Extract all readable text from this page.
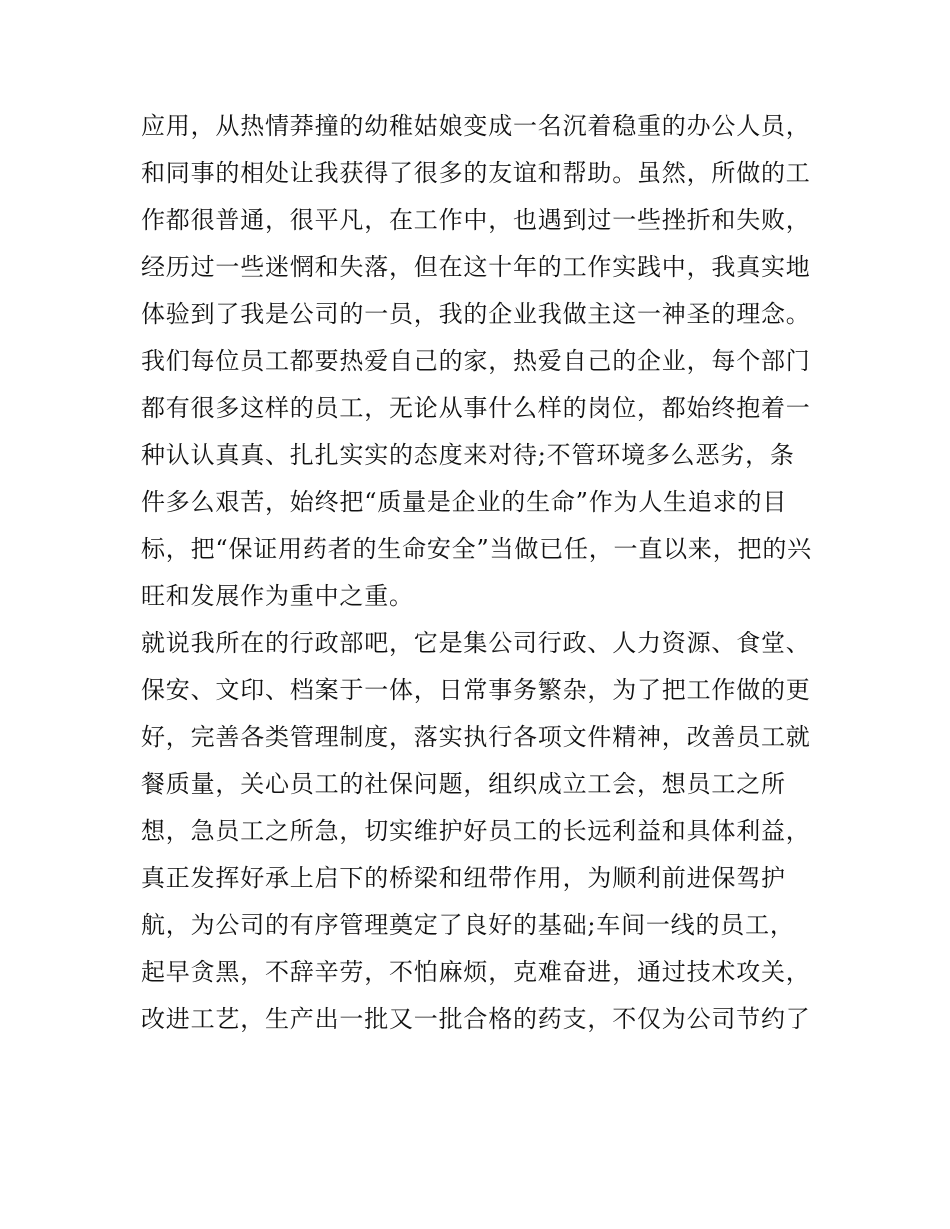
应用，从热情莽撞的幼稚姑娘变成一名沉着稳重的办公人员，
和同事的相处让我获得了很多的友谊和帮助。虽然，所做的工
作都很普通，很平凡，在工作中，也遇到过一些挫折和失败，
经历过一些迷惘和失落，但在这十年的工作实践中，我真实地
体验到了我是公司的一员，我的企业我做主这一神圣的理念。
我们每位员工都要热爱自己的家，热爱自己的企业，每个部门
都有很多这样的员工，无论从事什么样的岗位，都始终抱着一
种认认真真、扎扎实实的态度来对待;不管环境多么恶劣，条
件多么艰苦，始终把“质量是企业的生命”作为人生追求的目
标，把“保证用药者的生命安全”当做已任，一直以来，把的兴
旺和发展作为重中之重。
就说我所在的行政部吧，它是集公司行政、人力资源、食堂、
保安、文印、档案于一体，日常事务繁杂，为了把工作做的更
好，完善各类管理制度，落实执行各项文件精神，改善员工就
餐质量，关心员工的社保问题，组织成立工会，想员工之所
想，急员工之所急，切实维护好员工的长远利益和具体利益，
真正发挥好承上启下的桥梁和纽带作用，为顺利前进保驾护
航，为公司的有序管理奠定了良好的基础;车间一线的员工，
起早贪黑，不辞辛劳，不怕麻烦，克难奋进，通过技术攻关，
改进工艺，生产出一批又一批合格的药支，不仅为公司节约了
